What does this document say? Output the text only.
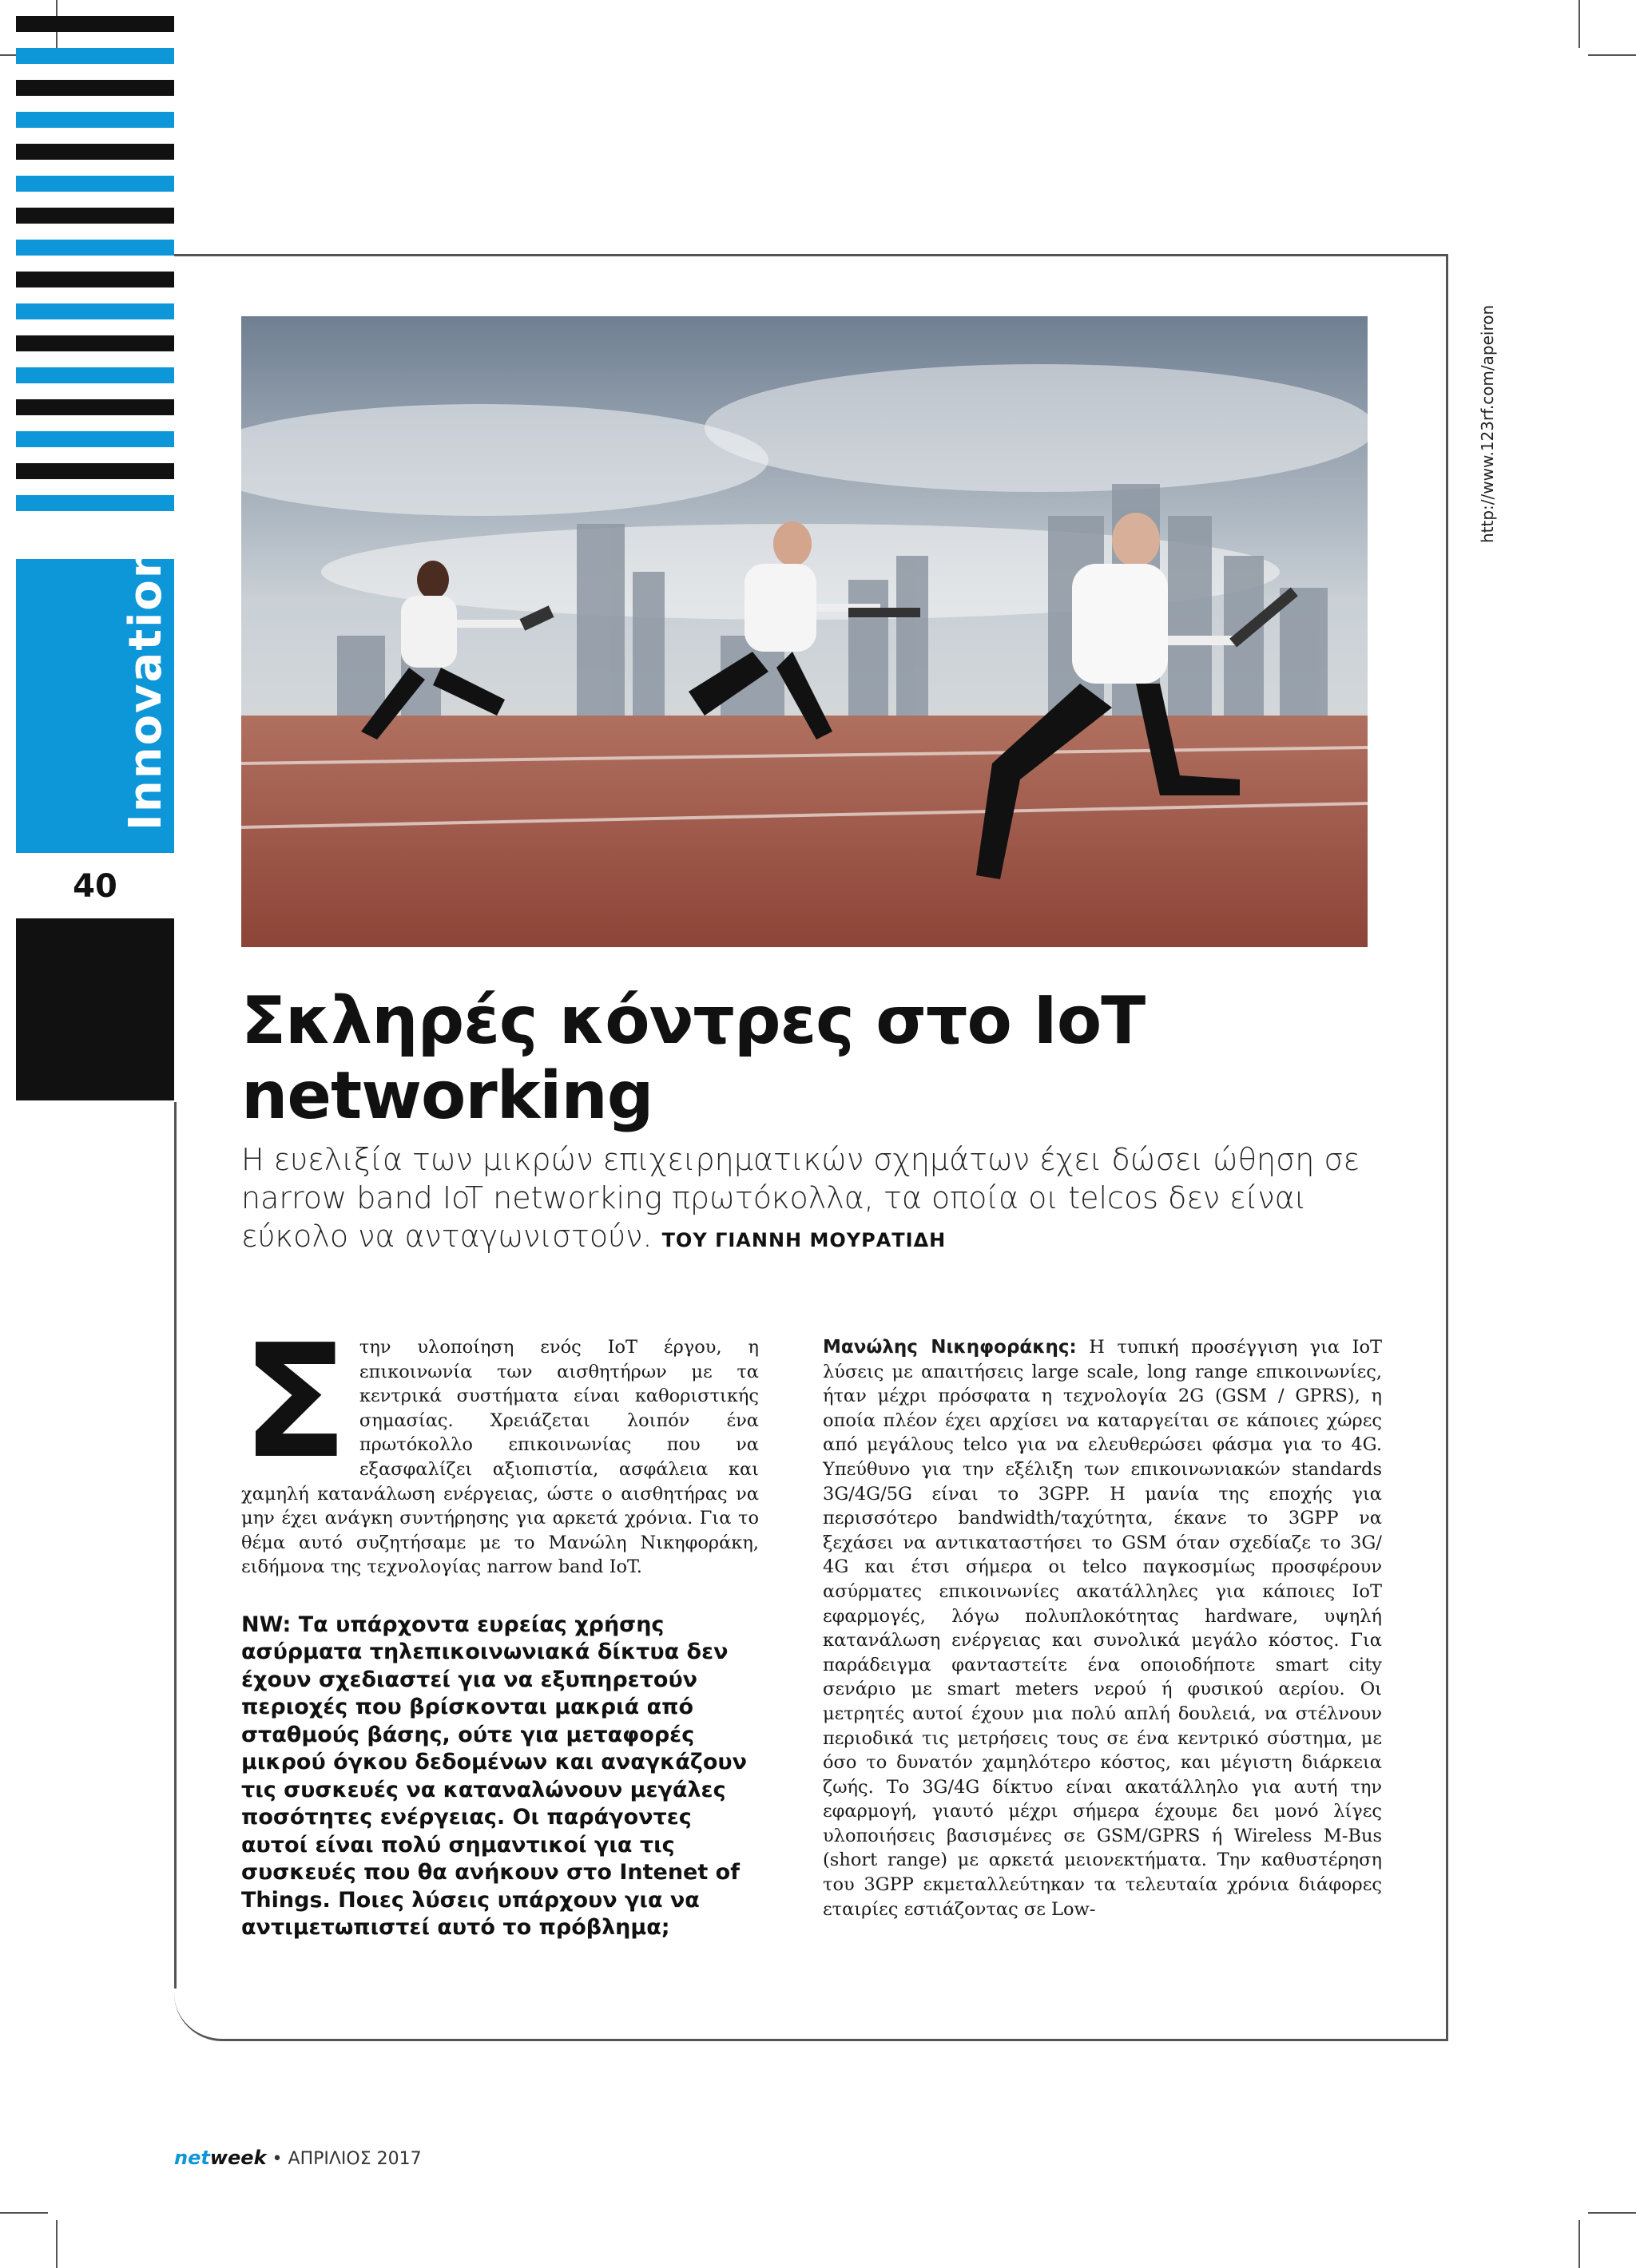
Innovation
40
http://www.123rf.com/apeiron
Σκληρές κόντρες στο IoT networking

Η ευελιξία των μικρών επιχειρηματικών σχημάτων έχει δώσει ώθηση σε narrow band IoT networking πρωτόκολλα, τα οποία οι telcos δεν είναι εύκολο να ανταγωνιστούν. ΤΟΥ ΓΙΑΝΝΗ ΜΟΥΡΑΤΙΔΗ

Σ την υλοποίηση ενός IoT έργου, η επικοινωνία των αισθητήρων με τα κεντρικά συστήματα είναι καθοριστικής σημασίας. Χρειάζεται λοιπόν ένα πρωτόκολλο επικοινωνίας που να εξασφαλίζει αξιοπιστία, ασφάλεια και χαμηλή κατανάλωση ενέργειας, ώστε ο αισθητήρας να μην έχει ανάγκη συντήρησης για αρκετά χρόνια. Για το θέμα αυτό συζητήσαμε με το Μανώλη Νικηφοράκη, ειδήμονα της τεχνολογίας narrow band IoT.
NW: Τα υπάρχοντα ευρείας χρήσης ασύρματα τηλεπικοινωνιακά δίκτυα δεν έχουν σχεδιαστεί για να εξυπηρετούν περιοχές που βρίσκονται μακριά από σταθμούς βάσης, ούτε για μεταφορές μικρού όγκου δεδομένων και αναγκάζουν τις συσκευές να καταναλώνουν μεγάλες ποσότητες ενέργειας. Οι παράγοντες αυτοί είναι πολύ σημαντικοί για τις συσκευές που θα ανήκουν στο Intenet of Things. Ποιες λύσεις υπάρχουν για να αντιμετωπιστεί αυτό το πρόβλημα;
Μανώλης Νικηφοράκης: Η τυπική προσέγγιση για IoT λύσεις με απαιτήσεις large scale, long range επικοινωνίες, ήταν μέχρι πρόσφατα η τεχνολογία 2G (GSM / GPRS), η οποία πλέον έχει αρχίσει να καταργείται σε κάποιες χώρες από μεγάλους telco για να ελευθερώσει φάσμα για το 4G. Υπεύθυνο για την εξέλιξη των επικοινωνιακών standards 3G/4G/5G είναι το 3GPP. Η μανία της εποχής για περισσότερο bandwidth/ταχύτητα, έκανε το 3GPP να ξεχάσει να αντικαταστήσει το GSM όταν σχεδίαζε το 3G/ 4G και έτσι σήμερα οι telco παγκοσμίως προσφέρουν ασύρματες επικοινωνίες ακατάλληλες για κάποιες IoT εφαρμογές, λόγω πολυπλοκότητας hardware, υψηλή κατανάλωση ενέργειας και συνολικά μεγάλο κόστος. Για παράδειγμα φανταστείτε ένα οποιοδήποτε smart city σενάριο με smart meters νερού ή φυσικού αερίου. Οι μετρητές αυτοί έχουν μια πολύ απλή δουλειά, να στέλνουν περιοδικά τις μετρήσεις τους σε ένα κεντρικό σύστημα, με όσο το δυνατόν χαμηλότερο κόστος, και μέγιστη διάρκεια ζωής. Το 3G/4G δίκτυο είναι ακατάλληλο για αυτή την εφαρμογή, γιαυτό μέχρι σήμερα έχουμε δει μονό λίγες υλοποιήσεις βασισμένες σε GSM/GPRS ή Wireless M-Bus (short range) με αρκετά μειονεκτήματα. Την καθυστέρηση του 3GPP εκμεταλλεύτηκαν τα τελευταία χρόνια διάφορες εταιρίες εστιάζοντας σε Low-
netweek • ΑΠΡΙΛΙΟΣ 2017
